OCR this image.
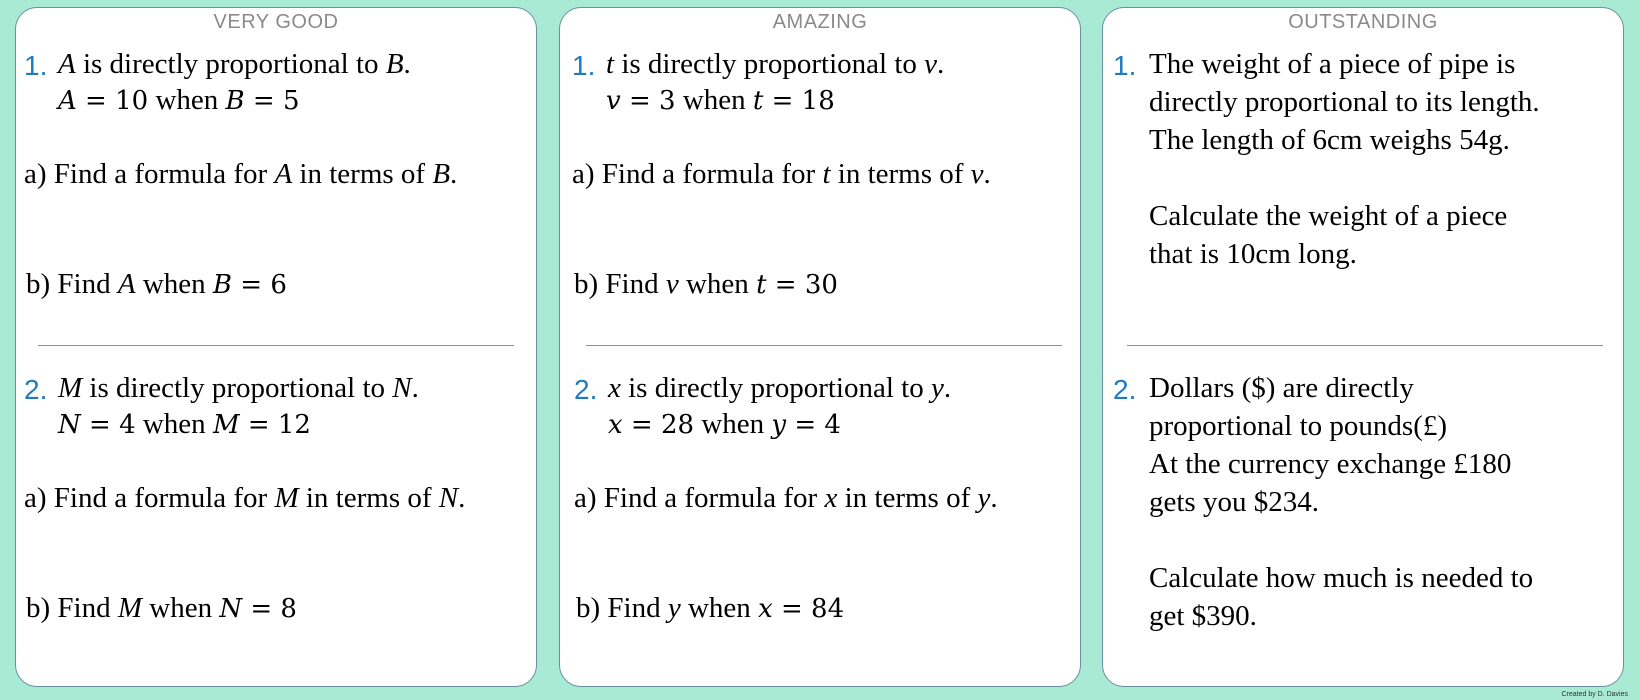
VERY GOOD
1. A is directly proportional to B.
A = 10 when B = 5
a) Find a formula for A in terms of B.
b) Find A when B = 6
2. M is directly proportional to N.
N = 4 when M = 12
a) Find a formula for M in terms of N.
b) Find M when N = 8
AMAZING
1. t is directly proportional to v.
v = 3 when t = 18
a) Find a formula for t in terms of v.
b) Find v when t = 30
2. x is directly proportional to y.
x = 28 when y = 4
a) Find a formula for x in terms of y.
b) Find y when x = 84
OUTSTANDING
1. The weight of a piece of pipe is
directly proportional to its length.
The length of 6cm weighs 54g.
Calculate the weight of a piece
that is 10cm long.
2. Dollars ($) are directly
proportional to pounds(£)
At the currency exchange £180
gets you $234.
Calculate how much is needed to
get $390.
Created by D. Davies
